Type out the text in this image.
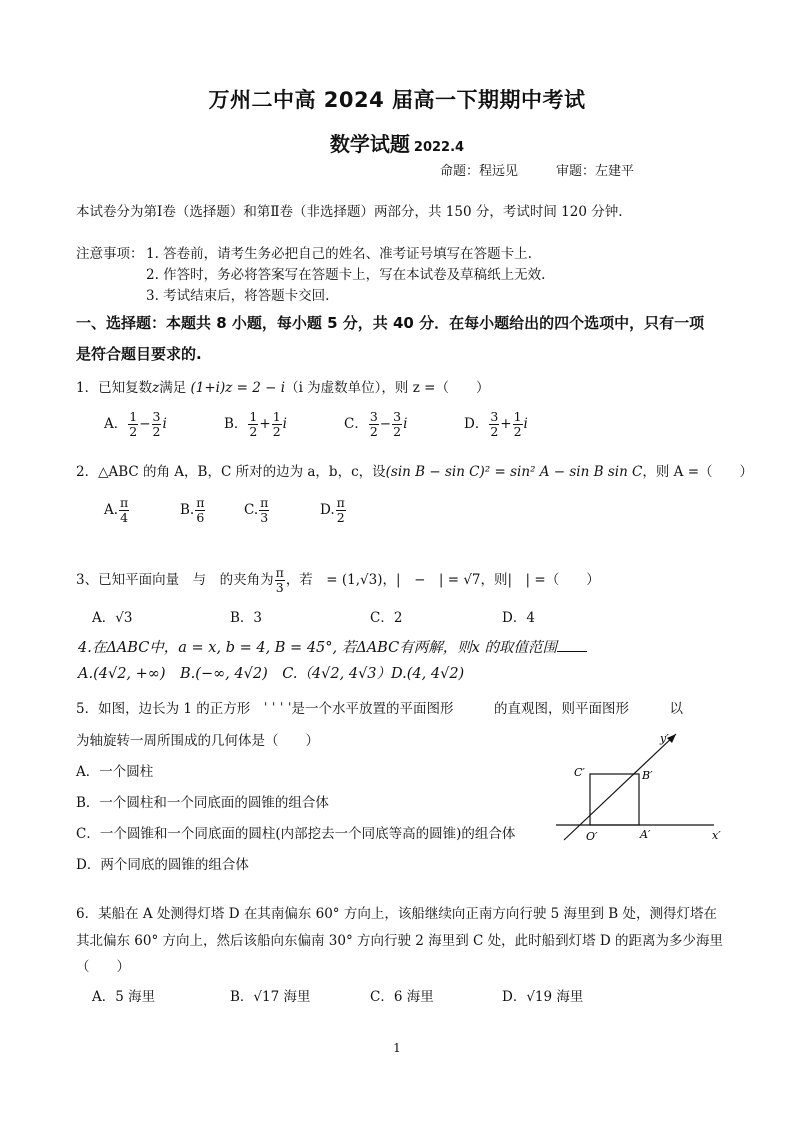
万州二中高 2024 届高一下期期中考试
数学试题 2022.4
命题：程远见	审题：左建平
本试卷分为第Ⅰ卷（选择题）和第Ⅱ卷（非选择题）两部分，共 150 分，考试时间 120 分钟.
注意事项： 1. 答卷前，请考生务必把自己的姓名、准考证号填写在答题卡上.
2. 作答时，务必将答案写在答题卡上，写在本试卷及草稿纸上无效.
3. 考试结束后，将答题卡交回.
一、选择题：本题共 8 小题，每小题 5 分，共 40 分．在每小题给出的四个选项中，只有一项
是符合题目要求的.
1．已知复数z满足 (1+i)z = 2 − i（i 为虚数单位），则 z =（　　）
A． $\frac{1}{2} - \frac{3}{2}$ i	B． $\frac{1}{2} + \frac{1}{2}$ i	C． $\frac{3}{2} - \frac{3}{2}$ i	D． $\frac{3}{2} + \frac{1}{2}$ i
2．△ABC 的角 A，B，C 所对的边为 a，b，c，设(sin B − sin C)² = sin² A − sin B sin C，则 A =（　　）
A. $\frac{\pi}{4}$	B. $\frac{\pi}{6}$	C. $\frac{\pi}{3}$	D. $\frac{\pi}{2}$
3、已知平面向量　与　的夹角为 $\frac{\pi}{3}$ ，若　= (1,√3)，|　−　| = √7，则|　| =（　　）
A．√3	B．3	C．2	D．4
4.在ΔABC中，a = x, b = 4, B = 45°, 若ΔABC有两解，则x 的取值范围
A.(4√2, +∞)　B.(−∞, 4√2)　C.（4√2, 4√3）D.(4, 4√2)
5．如图，边长为 1 的正方形　ˈ ˈ ˈ ˈ是一个水平放置的平面图形　　　的直观图，则平面图形　　　以
为轴旋转一周所围成的几何体是（　　）
A．一个圆柱
B．一个圆柱和一个同底面的圆锥的组合体
C．一个圆锥和一个同底面的圆柱(内部挖去一个同底等高的圆锥)的组合体
D．两个同底的圆锥的组合体
y′
x′
C′	B′
O′	A′
6．某船在 A 处测得灯塔 D 在其南偏东 60° 方向上，该船继续向正南方向行驶 5 海里到 B 处，测得灯塔在
其北偏东 60° 方向上，然后该船向东偏南 30° 方向行驶 2 海里到 C 处，此时船到灯塔 D 的距离为多少海里
（　　）
A．5 海里	B．√17 海里	C．6 海里	D．√19 海里
1
